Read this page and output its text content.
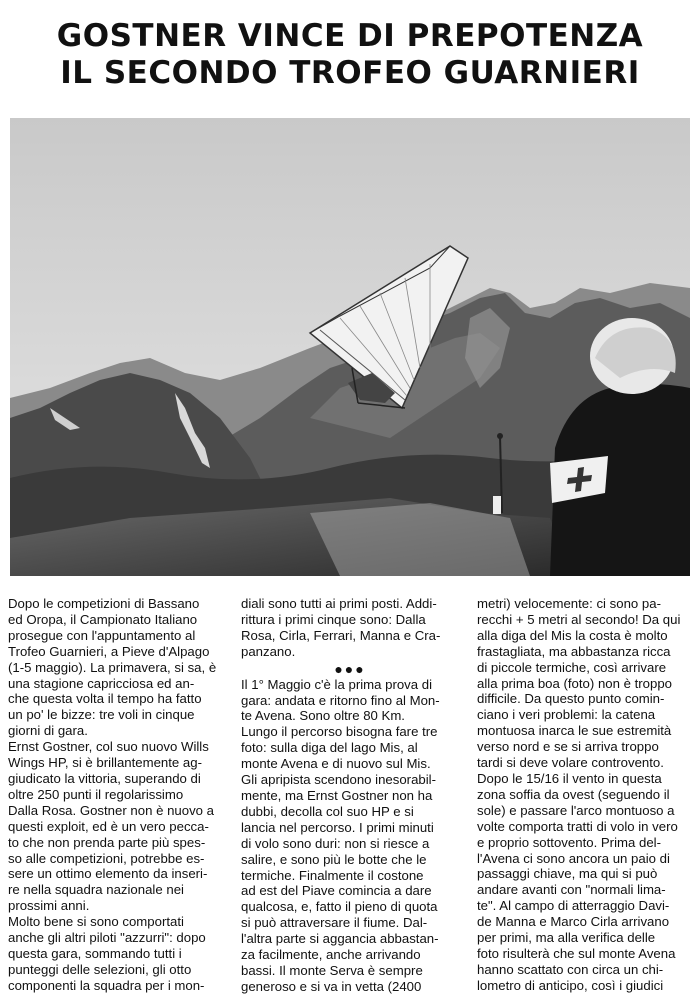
GOSTNER VINCE DI PREPOTENZA
IL SECONDO TROFEO GUARNIERI

Dopo le competizioni di Bassano
ed Oropa, il Campionato Italiano
prosegue con l'appuntamento al
Trofeo Guarnieri, a Pieve d'Alpago
(1-5 maggio). La primavera, si sa, è
una stagione capricciosa ed an-
che questa volta il tempo ha fatto
un po' le bizze: tre voli in cinque
giorni di gara.
Ernst Gostner, col suo nuovo Wills
Wings HP, si è brillantemente ag-
giudicato la vittoria, superando di
oltre 250 punti il regolarissimo
Dalla Rosa. Gostner non è nuovo a
questi exploit, ed è un vero pecca-
to che non prenda parte più spes-
so alle competizioni, potrebbe es-
sere un ottimo elemento da inseri-
re nella squadra nazionale nei
prossimi anni.
Molto bene si sono comportati
anche gli altri piloti "azzurri": dopo
questa gara, sommando tutti i
punteggi delle selezioni, gli otto
componenti la squadra per i mon-

diali sono tutti ai primi posti. Addi-
rittura i primi cinque sono: Dalla
Rosa, Cirla, Ferrari, Manna e Cra-
panzano.

●●●

Il 1° Maggio c'è la prima prova di
gara: andata e ritorno fino al Mon-
te Avena. Sono oltre 80 Km.
Lungo il percorso bisogna fare tre
foto: sulla diga del lago Mis, al
monte Avena e di nuovo sul Mis.
Gli apripista scendono inesorabil-
mente, ma Ernst Gostner non ha
dubbi, decolla col suo HP e si
lancia nel percorso. I primi minuti
di volo sono duri: non si riesce a
salire, e sono più le botte che le
termiche. Finalmente il costone
ad est del Piave comincia a dare
qualcosa, e, fatto il pieno di quota
si può attraversare il fiume. Dal-
l'altra parte si aggancia abbastan-
za facilmente, anche arrivando
bassi. Il monte Serva è sempre
generoso e si va in vetta (2400

metri) velocemente: ci sono pa-
recchi + 5 metri al secondo! Da qui
alla diga del Mis la costa è molto
frastagliata, ma abbastanza ricca
di piccole termiche, così arrivare
alla prima boa (foto) non è troppo
difficile. Da questo punto comin-
ciano i veri problemi: la catena
montuosa inarca le sue estremità
verso nord e se si arriva troppo
tardi si deve volare controvento.
Dopo le 15/16 il vento in questa
zona soffia da ovest (seguendo il
sole) e passare l'arco montuoso a
volte comporta tratti di volo in vero
e proprio sottovento. Prima del-
l'Avena ci sono ancora un paio di
passaggi chiave, ma qui si può
andare avanti con "normali lima-
te". Al campo di atterraggio Davi-
de Manna e Marco Cirla arrivano
per primi, ma alla verifica delle
foto risulterà che sul monte Avena
hanno scattato con circa un chi-
lometro di anticipo, così i giudici
